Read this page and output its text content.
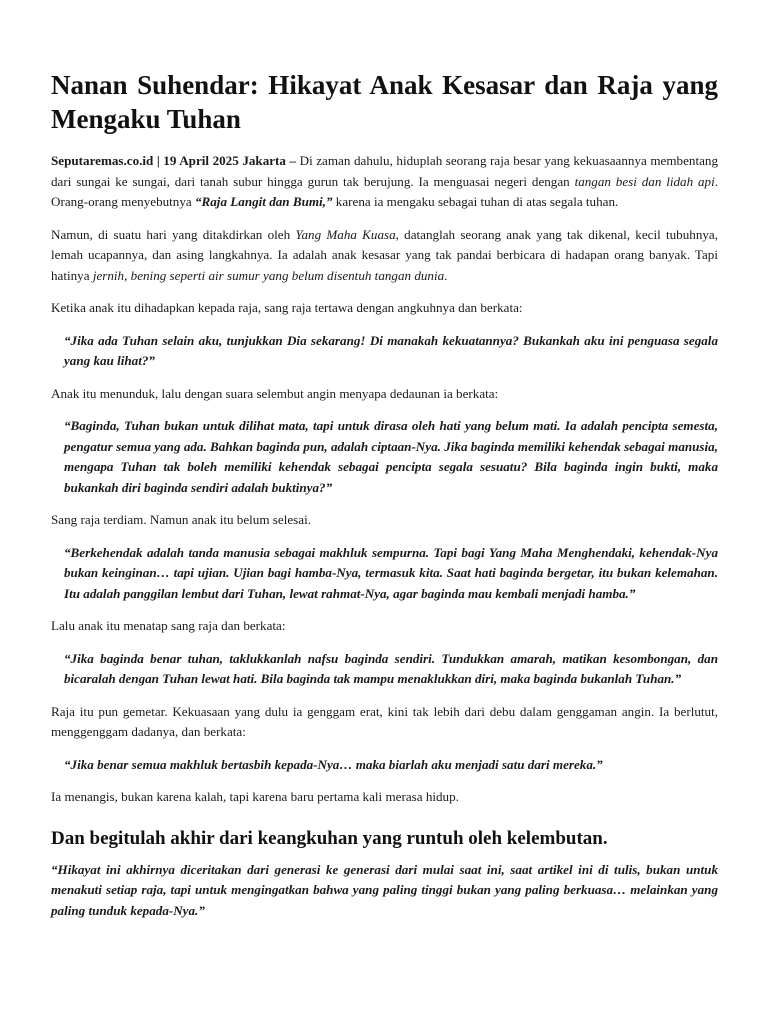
Nanan Suhendar: Hikayat Anak Kesasar dan Raja yang Mengaku Tuhan

Seputaremas.co.id | 19 April 2025 Jakarta – Di zaman dahulu, hiduplah seorang raja besar yang kekuasaannya membentang dari sungai ke sungai, dari tanah subur hingga gurun tak berujung. Ia menguasai negeri dengan tangan besi dan lidah api. Orang-orang menyebutnya “Raja Langit dan Bumi,” karena ia mengaku sebagai tuhan di atas segala tuhan.

Namun, di suatu hari yang ditakdirkan oleh Yang Maha Kuasa, datanglah seorang anak yang tak dikenal, kecil tubuhnya, lemah ucapannya, dan asing langkahnya. Ia adalah anak kesasar yang tak pandai berbicara di hadapan orang banyak. Tapi hatinya jernih, bening seperti air sumur yang belum disentuh tangan dunia.

Ketika anak itu dihadapkan kepada raja, sang raja tertawa dengan angkuhnya dan berkata:

“Jika ada Tuhan selain aku, tunjukkan Dia sekarang! Di manakah kekuatannya? Bukankah aku ini penguasa segala yang kau lihat?”

Anak itu menunduk, lalu dengan suara selembut angin menyapa dedaunan ia berkata:

“Baginda, Tuhan bukan untuk dilihat mata, tapi untuk dirasa oleh hati yang belum mati. Ia adalah pencipta semesta, pengatur semua yang ada. Bahkan baginda pun, adalah ciptaan-Nya. Jika baginda memiliki kehendak sebagai manusia, mengapa Tuhan tak boleh memiliki kehendak sebagai pencipta segala sesuatu? Bila baginda ingin bukti, maka bukankah diri baginda sendiri adalah buktinya?”

Sang raja terdiam. Namun anak itu belum selesai.

“Berkehendak adalah tanda manusia sebagai makhluk sempurna. Tapi bagi Yang Maha Menghendaki, kehendak-Nya bukan keinginan… tapi ujian. Ujian bagi hamba-Nya, termasuk kita. Saat hati baginda bergetar, itu bukan kelemahan. Itu adalah panggilan lembut dari Tuhan, lewat rahmat-Nya, agar baginda mau kembali menjadi hamba.”

Lalu anak itu menatap sang raja dan berkata:

“Jika baginda benar tuhan, taklukkanlah nafsu baginda sendiri. Tundukkan amarah, matikan kesombongan, dan bicaralah dengan Tuhan lewat hati. Bila baginda tak mampu menaklukkan diri, maka baginda bukanlah Tuhan.”

Raja itu pun gemetar. Kekuasaan yang dulu ia genggam erat, kini tak lebih dari debu dalam genggaman angin. Ia berlutut, menggenggam dadanya, dan berkata:

“Jika benar semua makhluk bertasbih kepada-Nya… maka biarlah aku menjadi satu dari mereka.”

Ia menangis, bukan karena kalah, tapi karena baru pertama kali merasa hidup.

Dan begitulah akhir dari keangkuhan yang runtuh oleh kelembutan.

“Hikayat ini akhirnya diceritakan dari generasi ke generasi dari mulai saat ini, saat artikel ini di tulis, bukan untuk menakuti setiap raja, tapi untuk mengingatkan bahwa yang paling tinggi bukan yang paling berkuasa… melainkan yang paling tunduk kepada-Nya.”
